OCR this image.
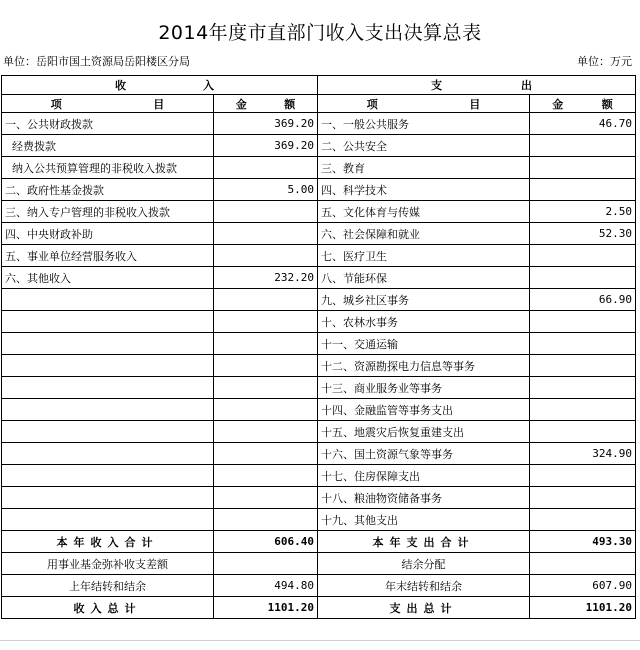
2014年度市直部门收入支出决算总表
单位：岳阳市国土资源局岳阳楼区分局	单位：万元
收 入		支 出	

项 目	金 额	项 目	金 额

一、公共财政拨款	369.20	一、一般公共服务	46.70
经费拨款	369.20	二、公共安全	
纳入公共预算管理的非税收入拨款		三、教育	
二、政府性基金拨款	5.00	四、科学技术	
三、纳入专户管理的非税收入拨款		五、文化体育与传媒	2.50
四、中央财政补助		六、社会保障和就业	52.30
五、事业单位经营服务收入		七、医疗卫生	
六、其他收入	232.20	八、节能环保	
		九、城乡社区事务	66.90
		十、农林水事务	
		十一、交通运输	
		十二、资源勘探电力信息等事务	
		十三、商业服务业等事务	
		十四、金融监管等事务支出	
		十五、地震灾后恢复重建支出	
		十六、国土资源气象等事务	324.90
		十七、住房保障支出	
		十八、粮油物资储备事务	
		十九、其他支出	
本年收入合计	606.40	本年支出合计	493.30
用事业基金弥补收支差额		结余分配	
上年结转和结余	494.80	年末结转和结余	607.90
收入总计	1101.20	支出总计	1101.20
